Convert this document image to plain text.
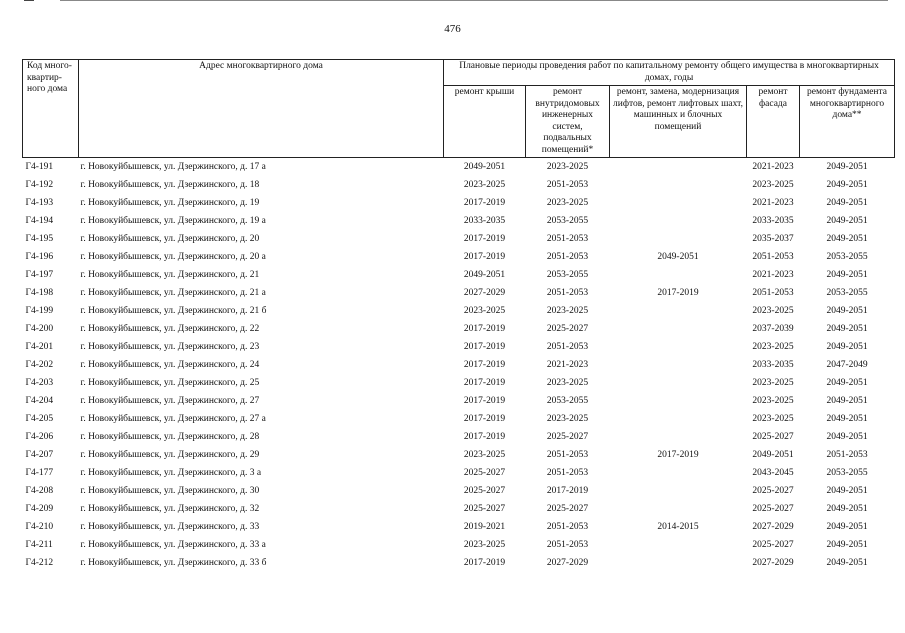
476
Код много-квартир-ного дома	Адрес многоквартирного дома	Плановые периоды проведения работ по капитальному ремонту общего имущества в многоквартирных домах, годы				
		ремонт крыши	ремонт внутридомовых инженерных систем, подвальных помещений*	ремонт, замена, модернизация лифтов, ремонт лифтовых шахт, машинных и блочных помещений	ремонт фасада	ремонт фундамента многоквартирного дома**
Г4-191	г. Новокуйбышевск, ул. Дзержинского, д. 17 а	2049-2051	2023-2025		2021-2023	2049-2051
Г4-192	г. Новокуйбышевск, ул. Дзержинского, д. 18	2023-2025	2051-2053		2023-2025	2049-2051
Г4-193	г. Новокуйбышевск, ул. Дзержинского, д. 19	2017-2019	2023-2025		2021-2023	2049-2051
Г4-194	г. Новокуйбышевск, ул. Дзержинского, д. 19 а	2033-2035	2053-2055		2033-2035	2049-2051
Г4-195	г. Новокуйбышевск, ул. Дзержинского, д. 20	2017-2019	2051-2053		2035-2037	2049-2051
Г4-196	г. Новокуйбышевск, ул. Дзержинского, д. 20 а	2017-2019	2051-2053	2049-2051	2051-2053	2053-2055
Г4-197	г. Новокуйбышевск, ул. Дзержинского, д. 21	2049-2051	2053-2055		2021-2023	2049-2051
Г4-198	г. Новокуйбышевск, ул. Дзержинского, д. 21 а	2027-2029	2051-2053	2017-2019	2051-2053	2053-2055
Г4-199	г. Новокуйбышевск, ул. Дзержинского, д. 21 б	2023-2025	2023-2025		2023-2025	2049-2051
Г4-200	г. Новокуйбышевск, ул. Дзержинского, д. 22	2017-2019	2025-2027		2037-2039	2049-2051
Г4-201	г. Новокуйбышевск, ул. Дзержинского, д. 23	2017-2019	2051-2053		2023-2025	2049-2051
Г4-202	г. Новокуйбышевск, ул. Дзержинского, д. 24	2017-2019	2021-2023		2033-2035	2047-2049
Г4-203	г. Новокуйбышевск, ул. Дзержинского, д. 25	2017-2019	2023-2025		2023-2025	2049-2051
Г4-204	г. Новокуйбышевск, ул. Дзержинского, д. 27	2017-2019	2053-2055		2023-2025	2049-2051
Г4-205	г. Новокуйбышевск, ул. Дзержинского, д. 27 а	2017-2019	2023-2025		2023-2025	2049-2051
Г4-206	г. Новокуйбышевск, ул. Дзержинского, д. 28	2017-2019	2025-2027		2025-2027	2049-2051
Г4-207	г. Новокуйбышевск, ул. Дзержинского, д. 29	2023-2025	2051-2053	2017-2019	2049-2051	2051-2053
Г4-177	г. Новокуйбышевск, ул. Дзержинского, д. 3 а	2025-2027	2051-2053		2043-2045	2053-2055
Г4-208	г. Новокуйбышевск, ул. Дзержинского, д. 30	2025-2027	2017-2019		2025-2027	2049-2051
Г4-209	г. Новокуйбышевск, ул. Дзержинского, д. 32	2025-2027	2025-2027		2025-2027	2049-2051
Г4-210	г. Новокуйбышевск, ул. Дзержинского, д. 33	2019-2021	2051-2053	2014-2015	2027-2029	2049-2051
Г4-211	г. Новокуйбышевск, ул. Дзержинского, д. 33 а	2023-2025	2051-2053		2025-2027	2049-2051
Г4-212	г. Новокуйбышевск, ул. Дзержинского, д. 33 б	2017-2019	2027-2029		2027-2029	2049-2051
